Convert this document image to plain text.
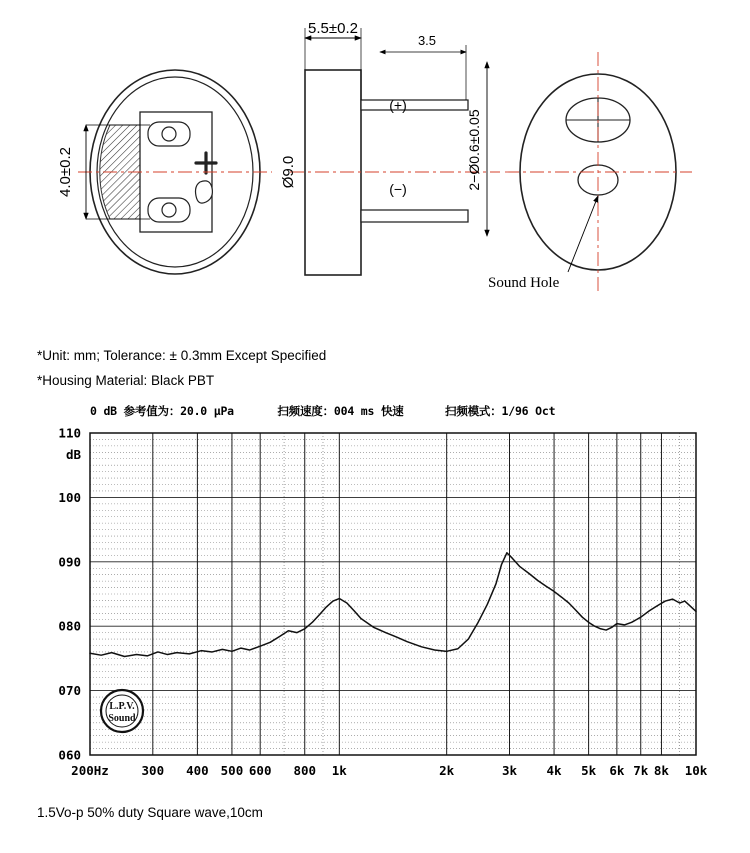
4.0±0.2
5.5±0.2
3.5
Ø9.0
(+)
(−)	2−Ø0.6±0.05
Sound Hole
*Unit: mm; Tolerance: ± 0.3mm Except Specified
*Housing Material: Black PBT
0 dB 参考值为：20.0 μPa	扫频速度：004 ms 快速	扫频模式：1/96 Oct
110
100
090
080
070
060
dB
200Hz	300 400 500 600 800 1k	2k	3k 4k 5k 6k 7k 8k 10k
L.P.V.
Sound
1.5Vo-p 50% duty Square wave,10cm
